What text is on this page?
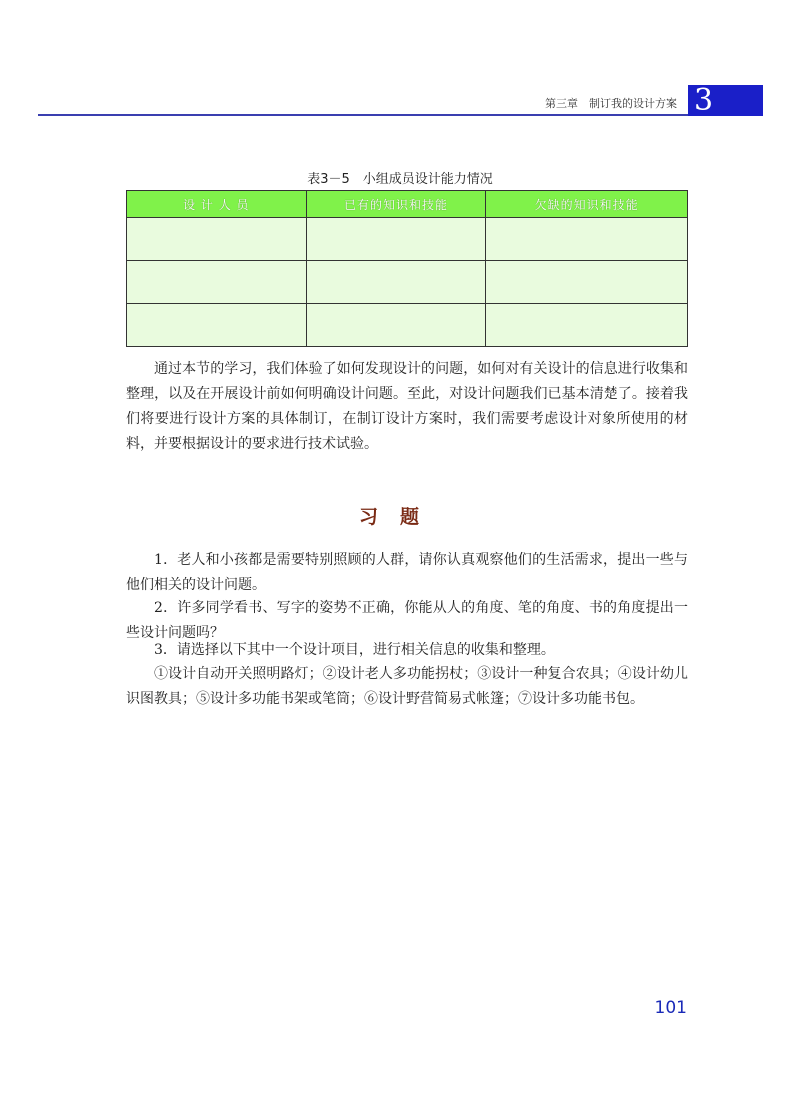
第三章　制订我的设计方案 3
表3－5　小组成员设计能力情况
设 计 人 员	已有的知识和技能	欠缺的知识和技能

通过本节的学习，我们体验了如何发现设计的问题，如何对有关设计的信息进行收集和整理，以及在开展设计前如何明确设计问题。至此，对设计问题我们已基本清楚了。接着我们将要进行设计方案的具体制订，在制订设计方案时，我们需要考虑设计对象所使用的材料，并要根据设计的要求进行技术试验。

习题

1．老人和小孩都是需要特别照顾的人群，请你认真观察他们的生活需求，提出一些与他们相关的设计问题。

2．许多同学看书、写字的姿势不正确，你能从人的角度、笔的角度、书的角度提出一些设计问题吗？

3．请选择以下其中一个设计项目，进行相关信息的收集和整理。

①设计自动开关照明路灯；②设计老人多功能拐杖；③设计一种复合农具；④设计幼儿识图教具；⑤设计多功能书架或笔筒；⑥设计野营简易式帐篷；⑦设计多功能书包。

101
